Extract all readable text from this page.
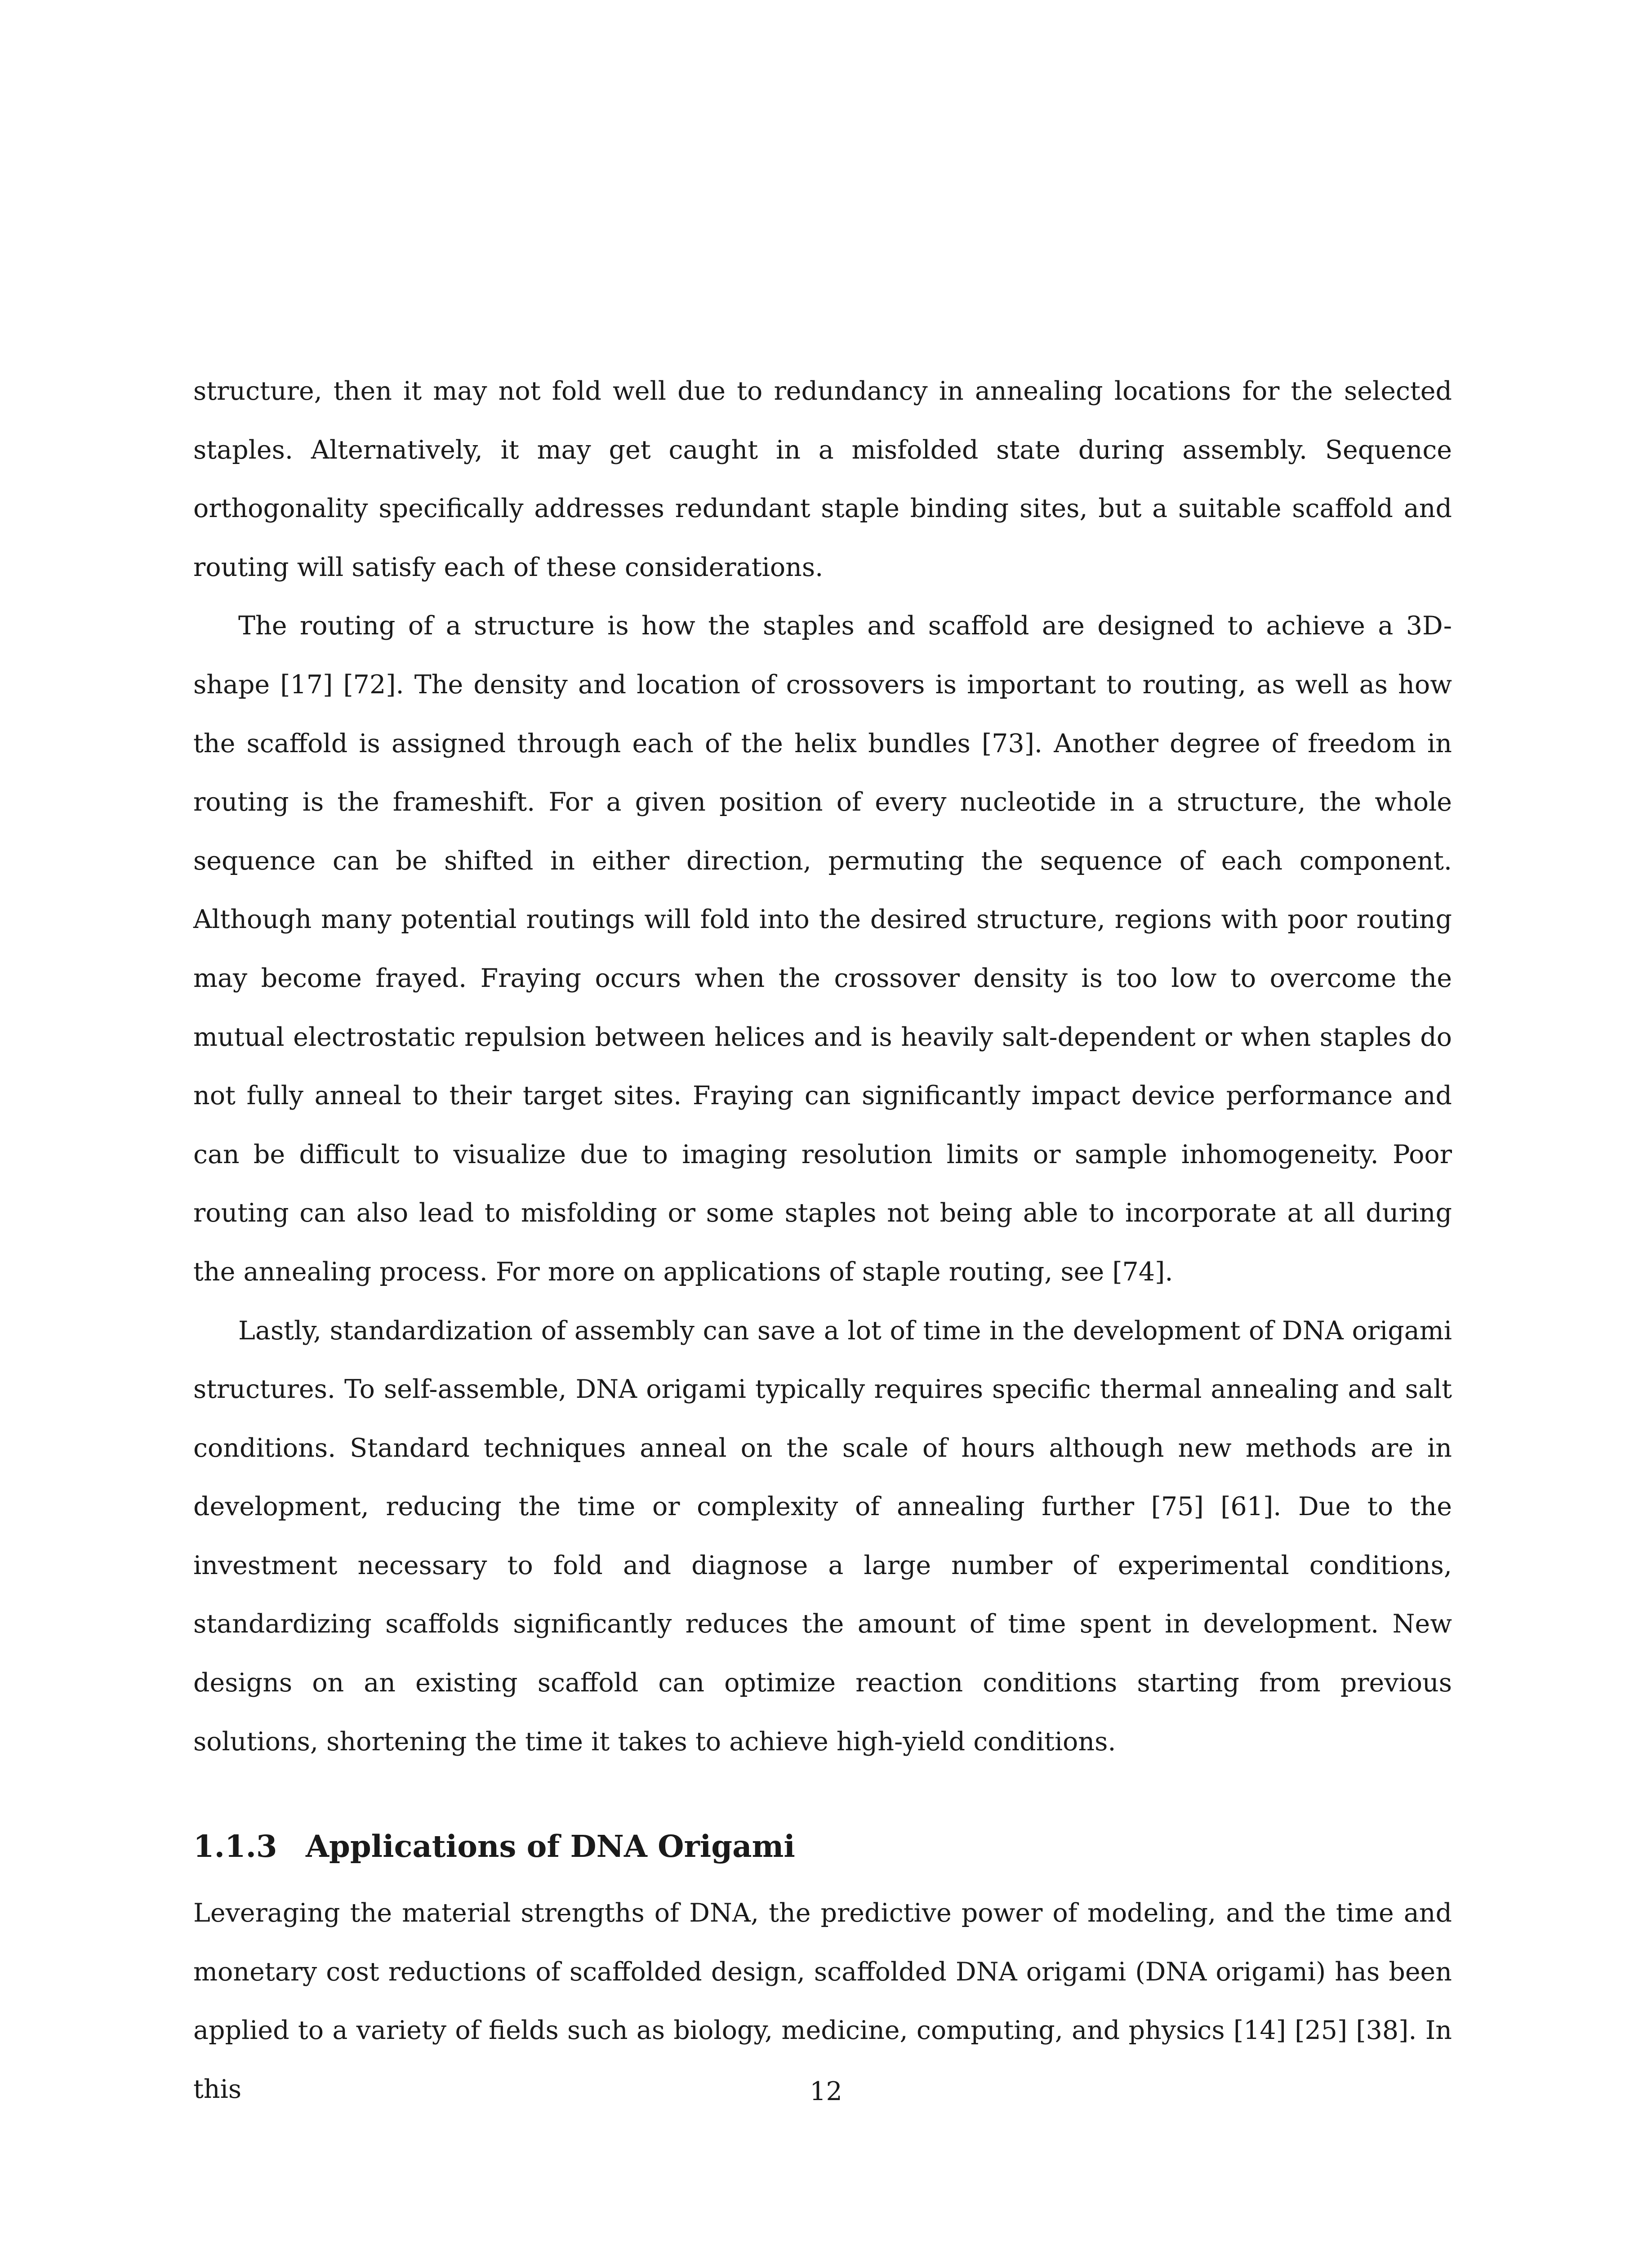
structure, then it may not fold well due to redundancy in annealing locations for the selected staples. Alternatively, it may get caught in a misfolded state during assembly. Sequence orthogonality specifically addresses redundant staple binding sites, but a suitable scaffold and routing will satisfy each of these considerations.

The routing of a structure is how the staples and scaffold are designed to achieve a 3D-shape [17] [72]. The density and location of crossovers is important to routing, as well as how the scaffold is assigned through each of the helix bundles [73]. Another degree of freedom in routing is the frameshift. For a given position of every nucleotide in a structure, the whole sequence can be shifted in either direction, permuting the sequence of each component. Although many potential routings will fold into the desired structure, regions with poor routing may become frayed. Fraying occurs when the crossover density is too low to overcome the mutual electrostatic repulsion between helices and is heavily salt-dependent or when staples do not fully anneal to their target sites. Fraying can significantly impact device performance and can be difficult to visualize due to imaging resolution limits or sample inhomogeneity. Poor routing can also lead to misfolding or some staples not being able to incorporate at all during the annealing process. For more on applications of staple routing, see [74].

Lastly, standardization of assembly can save a lot of time in the development of DNA origami structures. To self-assemble, DNA origami typically requires specific thermal annealing and salt conditions. Standard techniques anneal on the scale of hours although new methods are in development, reducing the time or complexity of annealing further [75] [61]. Due to the investment necessary to fold and diagnose a large number of experimental conditions, standardizing scaffolds significantly reduces the amount of time spent in development. New designs on an existing scaffold can optimize reaction conditions starting from previous solutions, shortening the time it takes to achieve high-yield conditions.

1.1.3 Applications of DNA Origami

Leveraging the material strengths of DNA, the predictive power of modeling, and the time and monetary cost reductions of scaffolded design, scaffolded DNA origami (DNA origami) has been applied to a variety of fields such as biology, medicine, computing, and physics [14] [25] [38]. In this	12
